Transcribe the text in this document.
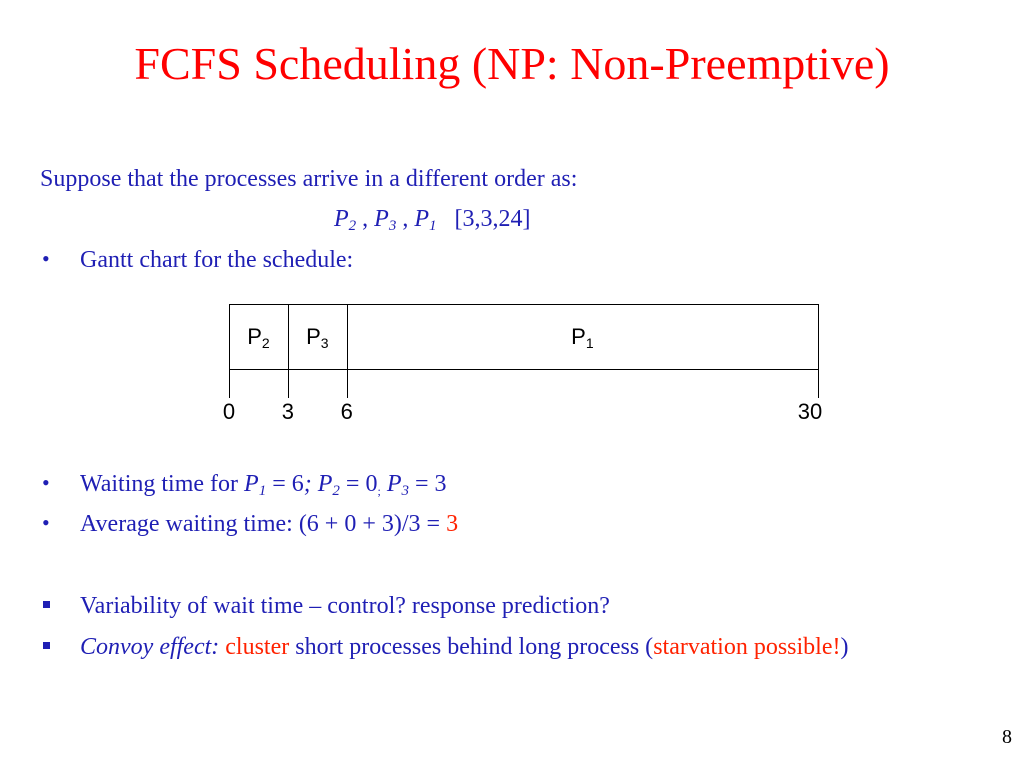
FCFS Scheduling (NP: Non-Preemptive)
Suppose that the processes arrive in a different order as:
$P_2$ , $P_3$ , $P_1$ [3,3,24]
• Gantt chart for the schedule:
$P_2$ $P_3$	$P_1$
0 3 6	30
• Waiting time for $P_1 = 6$; $P_2 = 0_;$ $P_3 = 3$
• Average waiting time: (6 + 0 + 3)/3 = 3
Variability of wait time – control? response prediction?
Convoy effect: cluster short processes behind long process (starvation possible!)
8
